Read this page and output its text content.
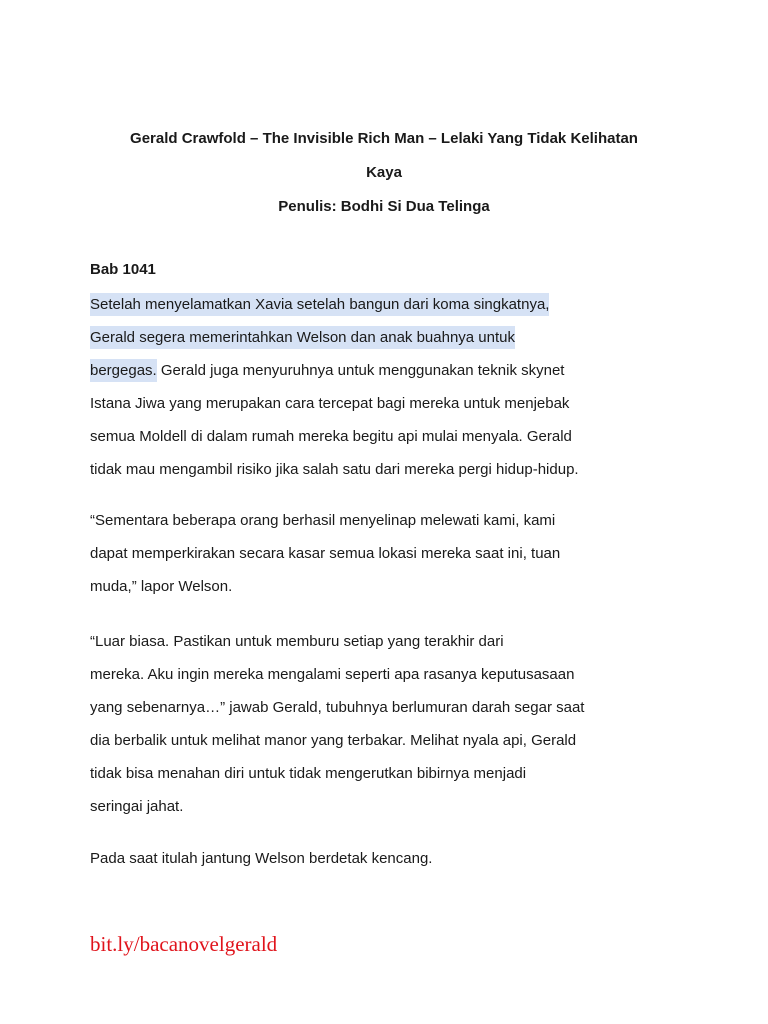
Gerald Crawfold – The Invisible Rich Man – Lelaki Yang Tidak Kelihatan
Kaya
Penulis: Bodhi Si Dua Telinga
Bab 1041
Setelah menyelamatkan Xavia setelah bangun dari koma singkatnya,
Gerald segera memerintahkan Welson dan anak buahnya untuk
bergegas. Gerald juga menyuruhnya untuk menggunakan teknik skynet
Istana Jiwa yang merupakan cara tercepat bagi mereka untuk menjebak
semua Moldell di dalam rumah mereka begitu api mulai menyala. Gerald
tidak mau mengambil risiko jika salah satu dari mereka pergi hidup-hidup.
“Sementara beberapa orang berhasil menyelinap melewati kami, kami
dapat memperkirakan secara kasar semua lokasi mereka saat ini, tuan
muda,” lapor Welson.
“Luar biasa. Pastikan untuk memburu setiap yang terakhir dari
mereka. Aku ingin mereka mengalami seperti apa rasanya keputusasaan
yang sebenarnya…” jawab Gerald, tubuhnya berlumuran darah segar saat
dia berbalik untuk melihat manor yang terbakar. Melihat nyala api, Gerald
tidak bisa menahan diri untuk tidak mengerutkan bibirnya menjadi
seringai jahat.
Pada saat itulah jantung Welson berdetak kencang.
bit.ly/bacanovelgerald
